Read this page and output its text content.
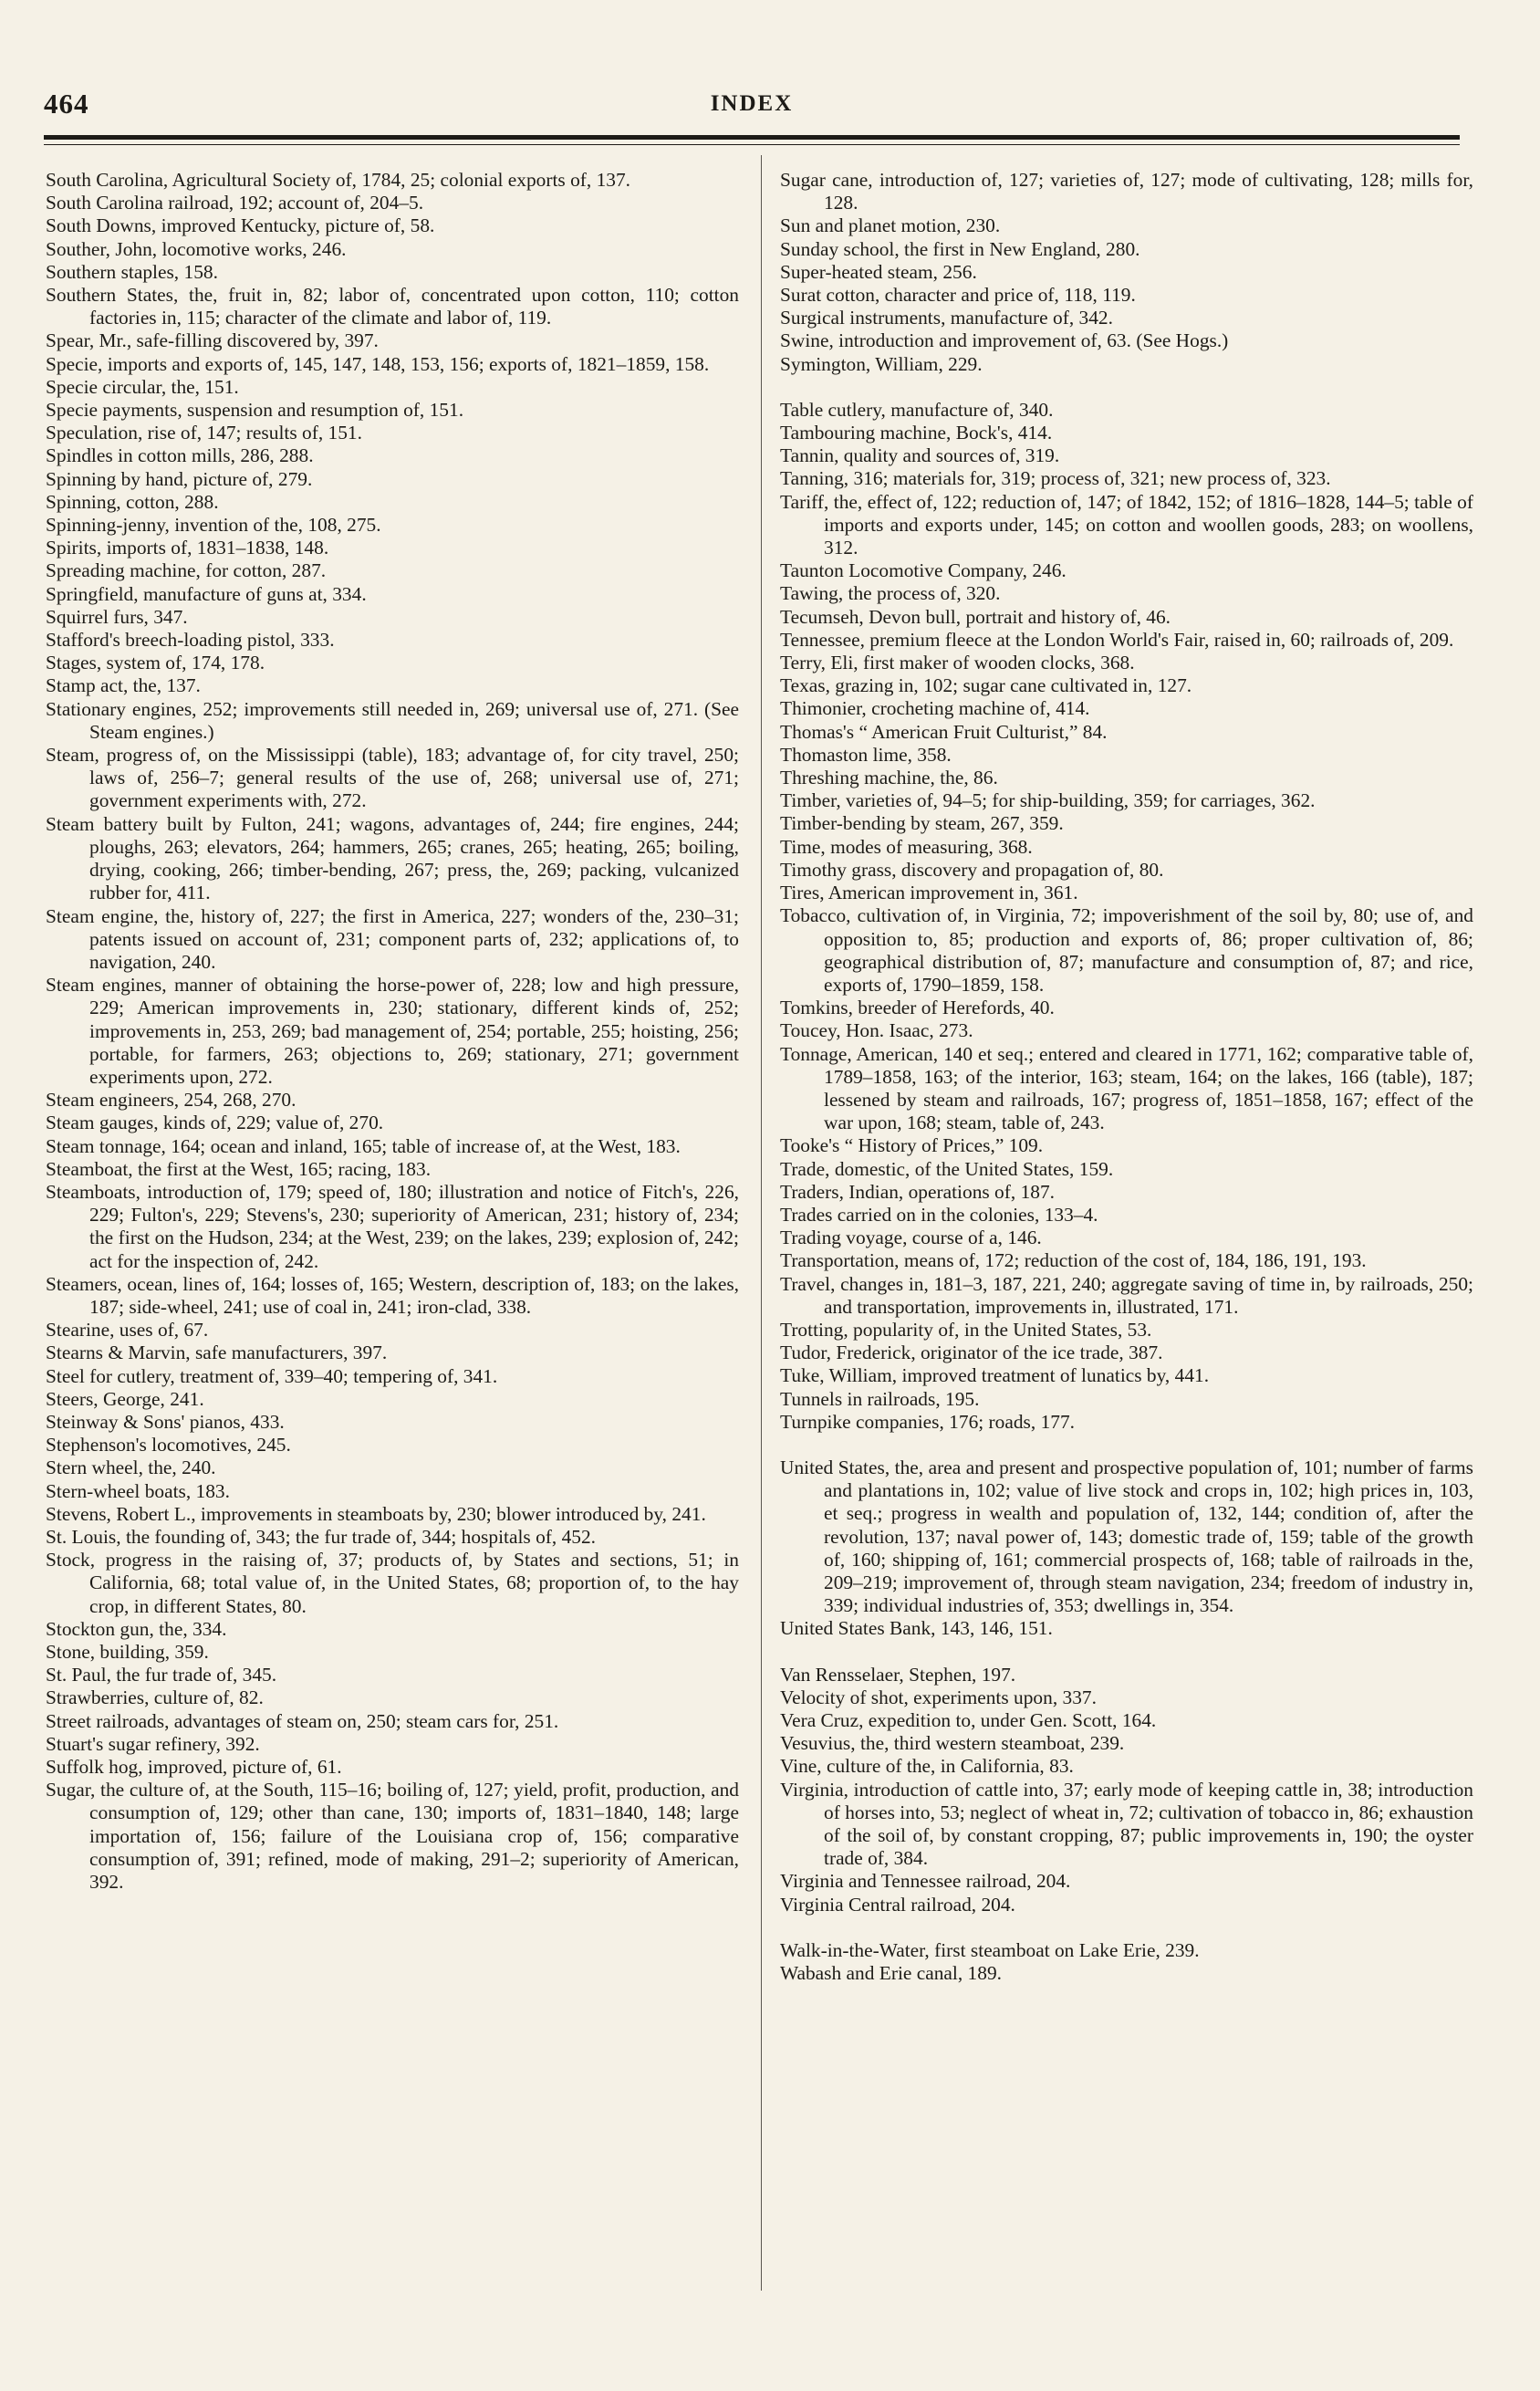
464	INDEX

South Carolina, Agricultural Society of, 1784, 25; colonial exports of, 137.

South Carolina railroad, 192; account of, 204–5.

South Downs, improved Kentucky, picture of, 58.

Souther, John, locomotive works, 246.

Southern staples, 158.

Southern States, the, fruit in, 82; labor of, concentrated upon cotton, 110; cotton factories in, 115; character of the climate and labor of, 119.

Spear, Mr., safe-filling discovered by, 397.

Specie, imports and exports of, 145, 147, 148, 153, 156; exports of, 1821–1859, 158.

Specie circular, the, 151.

Specie payments, suspension and resumption of, 151.

Speculation, rise of, 147; results of, 151.

Spindles in cotton mills, 286, 288.

Spinning by hand, picture of, 279.

Spinning, cotton, 288.

Spinning-jenny, invention of the, 108, 275.

Spirits, imports of, 1831–1838, 148.

Spreading machine, for cotton, 287.

Springfield, manufacture of guns at, 334.

Squirrel furs, 347.

Stafford's breech-loading pistol, 333.

Stages, system of, 174, 178.

Stamp act, the, 137.

Stationary engines, 252; improvements still needed in, 269; universal use of, 271. (See Steam engines.)

Steam, progress of, on the Mississippi (table), 183; advantage of, for city travel, 250; laws of, 256–7; general results of the use of, 268; universal use of, 271; government experiments with, 272.

Steam battery built by Fulton, 241; wagons, advantages of, 244; fire engines, 244; ploughs, 263; elevators, 264; hammers, 265; cranes, 265; heating, 265; boiling, drying, cooking, 266; timber-bending, 267; press, the, 269; packing, vulcanized rubber for, 411.

Steam engine, the, history of, 227; the first in America, 227; wonders of the, 230–31; patents issued on account of, 231; component parts of, 232; applications of, to navigation, 240.

Steam engines, manner of obtaining the horse-power of, 228; low and high pressure, 229; American improvements in, 230; stationary, different kinds of, 252; improvements in, 253, 269; bad management of, 254; portable, 255; hoisting, 256; portable, for farmers, 263; objections to, 269; stationary, 271; government experiments upon, 272.

Steam engineers, 254, 268, 270.

Steam gauges, kinds of, 229; value of, 270.

Steam tonnage, 164; ocean and inland, 165; table of increase of, at the West, 183.

Steamboat, the first at the West, 165; racing, 183.

Steamboats, introduction of, 179; speed of, 180; illustration and notice of Fitch's, 226, 229; Fulton's, 229; Stevens's, 230; superiority of American, 231; history of, 234; the first on the Hudson, 234; at the West, 239; on the lakes, 239; explosion of, 242; act for the inspection of, 242.

Steamers, ocean, lines of, 164; losses of, 165; Western, description of, 183; on the lakes, 187; side-wheel, 241; use of coal in, 241; iron-clad, 338.

Stearine, uses of, 67.

Stearns & Marvin, safe manufacturers, 397.

Steel for cutlery, treatment of, 339–40; tempering of, 341.

Steers, George, 241.

Steinway & Sons' pianos, 433.

Stephenson's locomotives, 245.

Stern wheel, the, 240.

Stern-wheel boats, 183.

Stevens, Robert L., improvements in steamboats by, 230; blower introduced by, 241.

St. Louis, the founding of, 343; the fur trade of, 344; hospitals of, 452.

Stock, progress in the raising of, 37; products of, by States and sections, 51; in California, 68; total value of, in the United States, 68; proportion of, to the hay crop, in different States, 80.

Stockton gun, the, 334.

Stone, building, 359.

St. Paul, the fur trade of, 345.

Strawberries, culture of, 82.

Street railroads, advantages of steam on, 250; steam cars for, 251.

Stuart's sugar refinery, 392.

Suffolk hog, improved, picture of, 61.

Sugar, the culture of, at the South, 115–16; boiling of, 127; yield, profit, production, and consumption of, 129; other than cane, 130; imports of, 1831–1840, 148; large importation of, 156; failure of the Louisiana crop of, 156; comparative consumption of, 391; refined, mode of making, 291–2; superiority of American, 392.

Sugar cane, introduction of, 127; varieties of, 127; mode of cultivating, 128; mills for, 128.

Sun and planet motion, 230.

Sunday school, the first in New England, 280.

Super-heated steam, 256.

Surat cotton, character and price of, 118, 119.

Surgical instruments, manufacture of, 342.

Swine, introduction and improvement of, 63. (See Hogs.)

Symington, William, 229.

Table cutlery, manufacture of, 340.

Tambouring machine, Bock's, 414.

Tannin, quality and sources of, 319.

Tanning, 316; materials for, 319; process of, 321; new process of, 323.

Tariff, the, effect of, 122; reduction of, 147; of 1842, 152; of 1816–1828, 144–5; table of imports and exports under, 145; on cotton and woollen goods, 283; on woollens, 312.

Taunton Locomotive Company, 246.

Tawing, the process of, 320.

Tecumseh, Devon bull, portrait and history of, 46.

Tennessee, premium fleece at the London World's Fair, raised in, 60; railroads of, 209.

Terry, Eli, first maker of wooden clocks, 368.

Texas, grazing in, 102; sugar cane cultivated in, 127.

Thimonier, crocheting machine of, 414.

Thomas's “ American Fruit Culturist,” 84.

Thomaston lime, 358.

Threshing machine, the, 86.

Timber, varieties of, 94–5; for ship-building, 359; for carriages, 362.

Timber-bending by steam, 267, 359.

Time, modes of measuring, 368.

Timothy grass, discovery and propagation of, 80.

Tires, American improvement in, 361.

Tobacco, cultivation of, in Virginia, 72; impoverishment of the soil by, 80; use of, and opposition to, 85; production and exports of, 86; proper cultivation of, 86; geographical distribution of, 87; manufacture and consumption of, 87; and rice, exports of, 1790–1859, 158.

Tomkins, breeder of Herefords, 40.

Toucey, Hon. Isaac, 273.

Tonnage, American, 140 et seq.; entered and cleared in 1771, 162; comparative table of, 1789–1858, 163; of the interior, 163; steam, 164; on the lakes, 166 (table), 187; lessened by steam and railroads, 167; progress of, 1851–1858, 167; effect of the war upon, 168; steam, table of, 243.

Tooke's “ History of Prices,” 109.

Trade, domestic, of the United States, 159.

Traders, Indian, operations of, 187.

Trades carried on in the colonies, 133–4.

Trading voyage, course of a, 146.

Transportation, means of, 172; reduction of the cost of, 184, 186, 191, 193.

Travel, changes in, 181–3, 187, 221, 240; aggregate saving of time in, by railroads, 250; and transportation, improvements in, illustrated, 171.

Trotting, popularity of, in the United States, 53.

Tudor, Frederick, originator of the ice trade, 387.

Tuke, William, improved treatment of lunatics by, 441.

Tunnels in railroads, 195.

Turnpike companies, 176; roads, 177.

United States, the, area and present and prospective population of, 101; number of farms and plantations in, 102; value of live stock and crops in, 102; high prices in, 103, et seq.; progress in wealth and population of, 132, 144; condition of, after the revolution, 137; naval power of, 143; domestic trade of, 159; table of the growth of, 160; shipping of, 161; commercial prospects of, 168; table of railroads in the, 209–219; improvement of, through steam navigation, 234; freedom of industry in, 339; individual industries of, 353; dwellings in, 354.

United States Bank, 143, 146, 151.

Van Rensselaer, Stephen, 197.

Velocity of shot, experiments upon, 337.

Vera Cruz, expedition to, under Gen. Scott, 164.

Vesuvius, the, third western steamboat, 239.

Vine, culture of the, in California, 83.

Virginia, introduction of cattle into, 37; early mode of keeping cattle in, 38; introduction of horses into, 53; neglect of wheat in, 72; cultivation of tobacco in, 86; exhaustion of the soil of, by constant cropping, 87; public improvements in, 190; the oyster trade of, 384.

Virginia and Tennessee railroad, 204.

Virginia Central railroad, 204.

Walk-in-the-Water, first steamboat on Lake Erie, 239.

Wabash and Erie canal, 189.
